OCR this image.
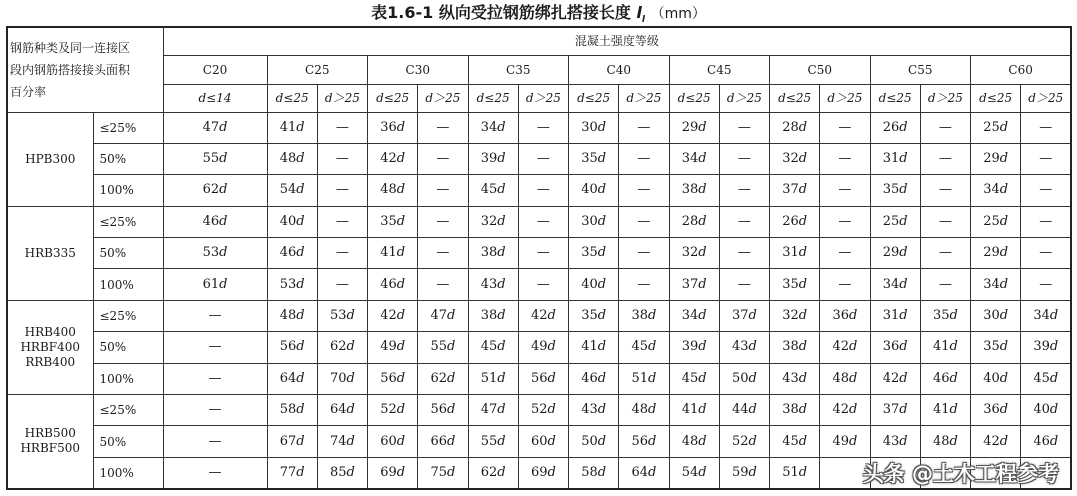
表1.6-1 纵向受拉钢筋绑扎搭接长度 $l_l$ （mm）
钢筋种类及同一连接区
段内钢筋搭接接头面积
百分率		混凝土强度等级																
		C20	C25		C30		C35		C40		C45		C50		C55		C60	
		d≤14	d≤25	d＞25	d≤25	d＞25	d≤25	d＞25	d≤25	d＞25	d≤25	d＞25	d≤25	d＞25	d≤25	d＞25	d≤25	d＞25

HPB300	≤25%	47d	41d	—	36d	—	34d	—	30d	—	29d	—	28d	—	26d	—	25d	—
	50%	55d	48d	—	42d	—	39d	—	35d	—	34d	—	32d	—	31d	—	29d	—
	100%	62d	54d	—	48d	—	45d	—	40d	—	38d	—	37d	—	35d	—	34d	—

HRB335	≤25%	46d	40d	—	35d	—	32d	—	30d	—	28d	—	26d	—	25d	—	25d	—
	50%	53d	46d	—	41d	—	38d	—	35d	—	32d	—	31d	—	29d	—	29d	—
	100%	61d	53d	—	46d	—	43d	—	40d	—	37d	—	35d	—	34d	—	34d	—

HRB400
HRBF400
RRB400	≤25%	—	48d	53d	42d	47d	38d	42d	35d	38d	34d	37d	32d	36d	31d	35d	30d	34d
	50%	—	56d	62d	49d	55d	45d	49d	41d	45d	39d	43d	38d	42d	36d	41d	35d	39d
	100%	—	64d	70d	56d	62d	51d	56d	46d	51d	45d	50d	43d	48d	42d	46d	40d	45d

HRB500
HRBF500	≤25%	—	58d	64d	52d	56d	47d	52d	43d	48d	41d	44d	38d	42d	37d	41d	36d	40d
	50%	—	67d	74d	60d	66d	55d	60d	50d	56d	48d	52d	45d	49d	43d	48d	42d	46d
	100%	—	77d	85d	69d	75d	62d	69d	58d	64d	54d	59d	51d						头条 @土木工程参考
